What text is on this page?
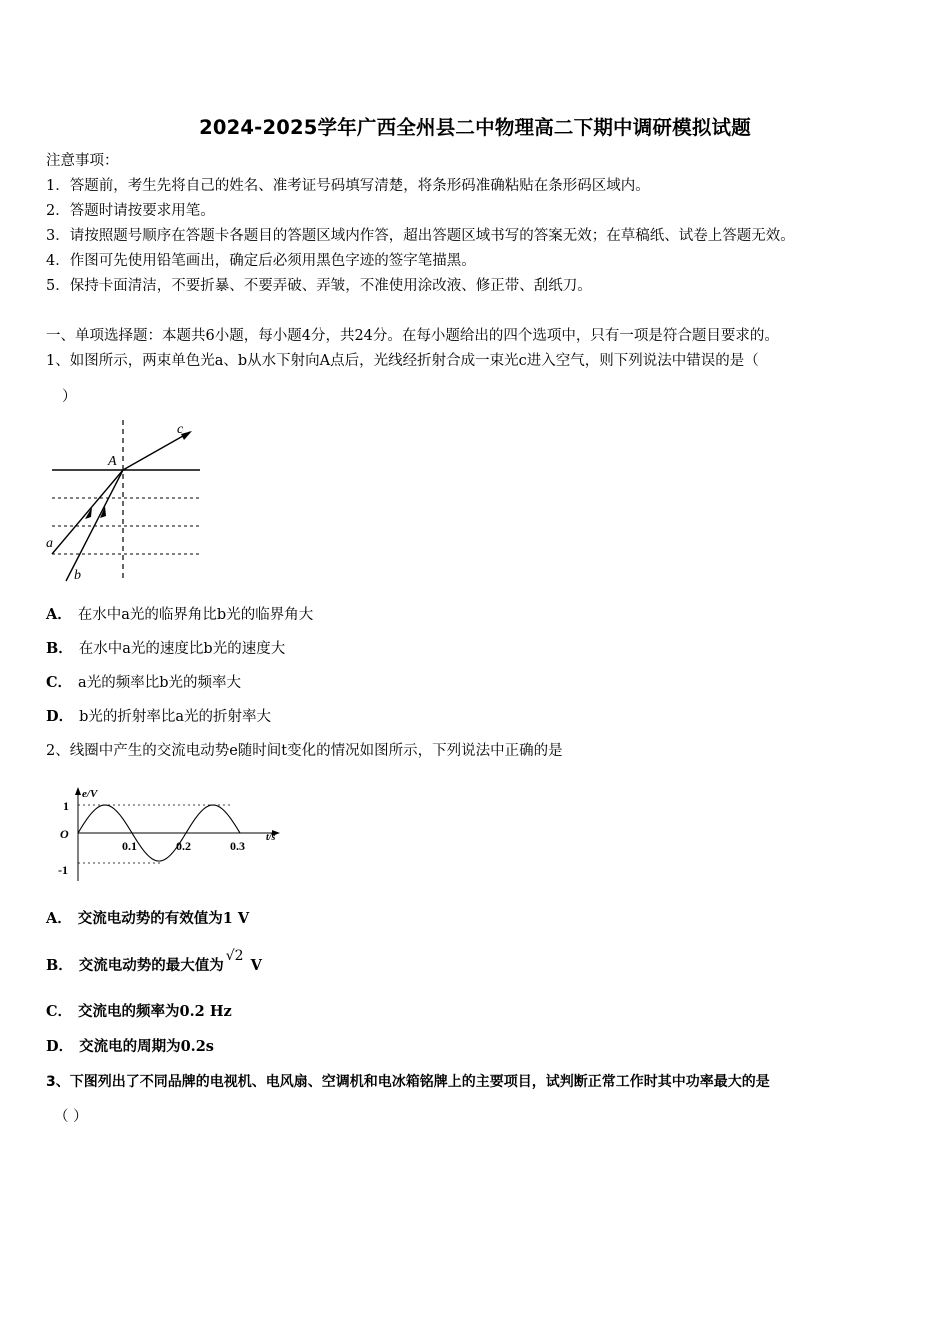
2024-2025学年广西全州县二中物理高二下期中调研模拟试题
注意事项：
1．答题前，考生先将自己的姓名、准考证号码填写清楚，将条形码准确粘贴在条形码区域内。
2．答题时请按要求用笔。
3．请按照题号顺序在答题卡各题目的答题区域内作答，超出答题区域书写的答案无效；在草稿纸、试卷上答题无效。
4．作图可先使用铅笔画出，确定后必须用黑色字迹的签字笔描黑。
5．保持卡面清洁，不要折暴、不要弄破、弄皱，不准使用涂改液、修正带、刮纸刀。
一、单项选择题：本题共6小题，每小题4分，共24分。在每小题给出的四个选项中，只有一项是符合题目要求的。
1、如图所示，两束单色光a、b从水下射向A点后，光线经折射合成一束光c进入空气，则下列说法中错误的是（
）
c
A
a
b
A． 在水中a光的临界角比b光的临界角大
B． 在水中a光的速度比b光的速度大
C． a光的频率比b光的频率大
D． b光的折射率比a光的折射率大
2、线圈中产生的交流电动势e随时间t变化的情况如图所示，下列说法中正确的是
e/V
t/s
O
1
-1
0.1	0.2	0.3
A． 交流电动势的有效值为1 V
B． 交流电动势的最大值为√2 V
C． 交流电的频率为0.2 Hz
D． 交流电的周期为0.2s
3、下图列出了不同品牌的电视机、电风扇、空调机和电冰箱铭牌上的主要项目，试判断正常工作时其中功率最大的是
（ ）
